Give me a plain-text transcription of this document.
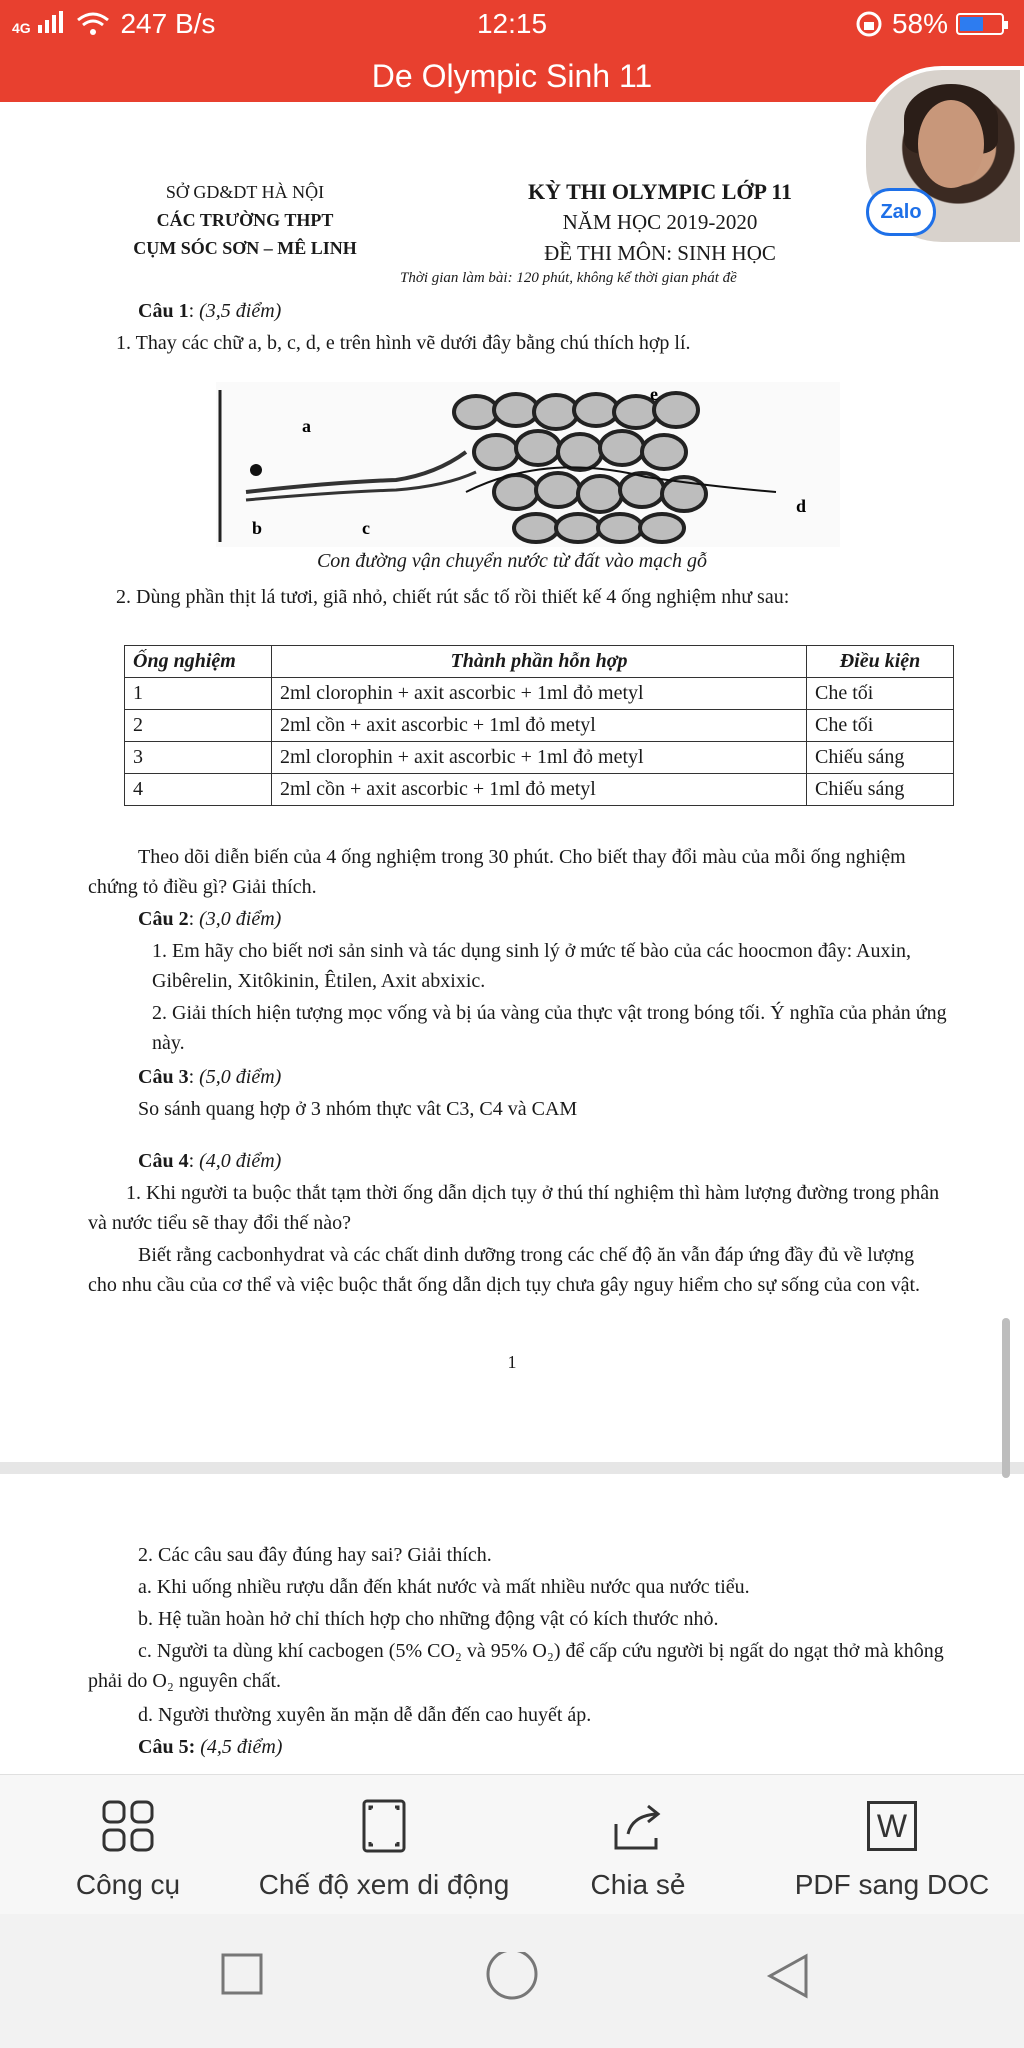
4G	247 B/s	12:15	58%
De Olympic Sinh 11
SỞ GD&DT HÀ NỘI
CÁC TRƯỜNG THPT
CỤM SÓC SƠN – MÊ LINH
KỲ THI OLYMPIC LỚP 11
NĂM HỌC 2019-2020
ĐỀ THI MÔN: SINH HỌC
Thời gian làm bài: 120 phút, không kể thời gian phát đề
Câu 1: (3,5 điểm)
1. Thay các chữ a, b, c, d, e trên hình vẽ dưới đây bằng chú thích hợp lí.
a
b	c
d
e
Con đường vận chuyển nước từ đất vào mạch gỗ
2. Dùng phần thịt lá tươi, giã nhỏ, chiết rút sắc tố rồi thiết kế 4 ống nghiệm như sau:
Ống nghiệm	Thành phần hỗn hợp	Điều kiện
1	2ml clorophin + axit ascorbic + 1ml đỏ metyl	Che tối
2	2ml cồn + axit ascorbic + 1ml đỏ metyl	Che tối
3	2ml clorophin + axit ascorbic + 1ml đỏ metyl	Chiếu sáng
4	2ml cồn + axit ascorbic + 1ml đỏ metyl	Chiếu sáng
Theo dõi diễn biến của 4 ống nghiệm trong 30 phút. Cho biết thay đổi màu của mỗi ống nghiệm chứng tỏ điều gì? Giải thích.
Câu 2: (3,0 điểm)
1. Em hãy cho biết nơi sản sinh và tác dụng sinh lý ở mức tế bào của các hoocmon đây: Auxin, Gibêrelin, Xitôkinin, Êtilen, Axit abxixic.
2. Giải thích hiện tượng mọc vống và bị úa vàng của thực vật trong bóng tối. Ý nghĩa của phản ứng này.
Câu 3: (5,0 điểm)
So sánh quang hợp ở 3 nhóm thực vât C3, C4 và CAM
Câu 4: (4,0 điểm)
1. Khi người ta buộc thắt tạm thời ống dẫn dịch tụy ở thú thí nghiệm thì hàm lượng đường trong phân và nước tiểu sẽ thay đổi thế nào?
Biết rằng cacbonhydrat và các chất dinh dưỡng trong các chế độ ăn vẫn đáp ứng đầy đủ về lượng cho nhu cầu của cơ thể và việc buộc thắt ống dẫn dịch tụy chưa gây nguy hiểm cho sự sống của con vật.
1
2. Các câu sau đây đúng hay sai? Giải thích.
a. Khi uống nhiều rượu dẫn đến khát nước và mất nhiều nước qua nước tiểu.
b. Hệ tuần hoàn hở chỉ thích hợp cho những động vật có kích thước nhỏ.
c. Người ta dùng khí cacbogen (5% CO₂ và 95% O₂) để cấp cứu người bị ngất do ngạt thở mà không phải do O₂ nguyên chất.
d. Người thường xuyên ăn mặn dễ dẫn đến cao huyết áp.
Câu 5: (4,5 điểm)
Zalo
Công cụ	Chế độ xem di động	Chia sẻ
W
PDF sang DOC
